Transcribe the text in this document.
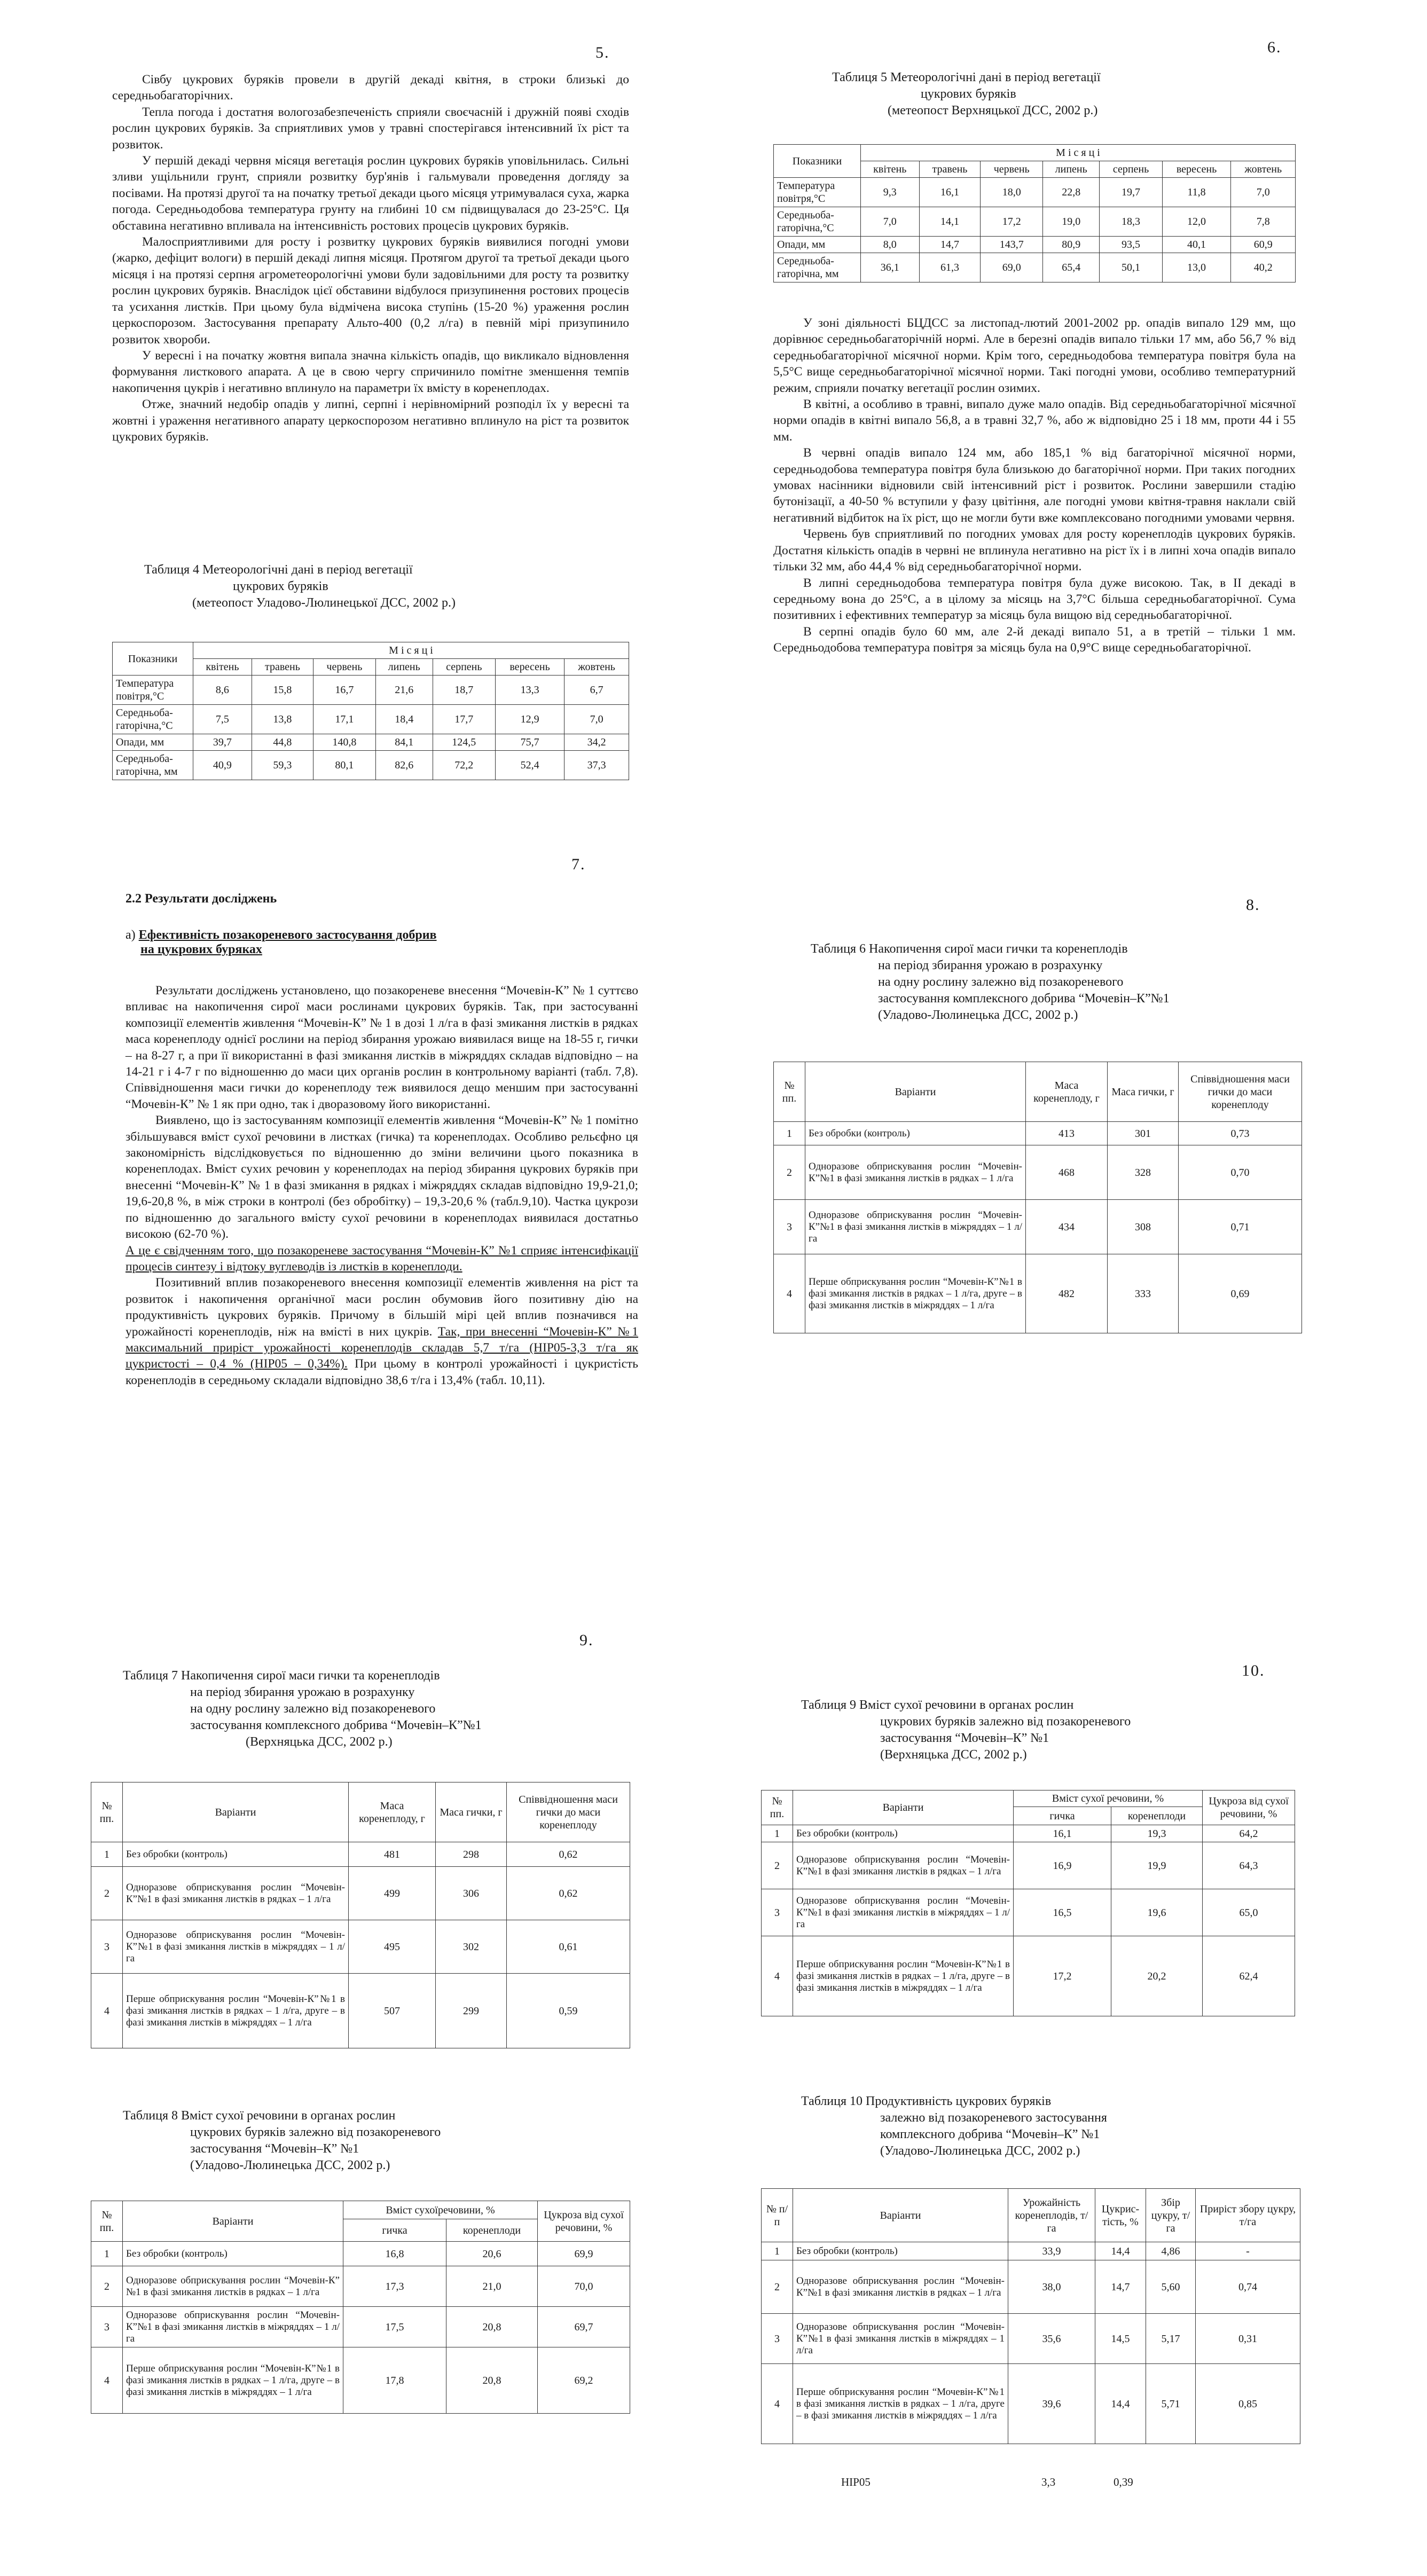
5.

Сівбу цукрових буряків провели в другій декаді квітня, в строки близькі до середньобагаторічних.

Тепла погода і достатня вологозабезпеченість сприяли своєчасній і дружній появі сходів рослин цукрових буряків. За сприятливих умов у травні спостерігався інтенсивний їх ріст та розвиток.

У першій декаді червня місяця вегетація рослин цукрових буряків уповільнилась. Сильні зливи ущільнили грунт, сприяли розвитку бур'янів і гальмували проведення догляду за посівами. На протязі другої та на початку третьої декади цього місяця утримувалася суха, жарка погода. Середньодобова температура грунту на глибині 10 см підвищувалася до 23-25°С. Ця обставина негативно впливала на інтенсивність ростових процесів цукрових буряків.

Малосприятливими для росту і розвитку цукрових буряків виявилися погодні умови (жарко, дефіцит вологи) в першій декаді липня місяця. Протягом другої та третьої декади цього місяця і на протязі серпня агрометеорологічні умови були задовільними для росту та розвитку рослин цукрових буряків. Внаслідок цієї обставини відбулося призупинення ростових процесів та усихання листків. При цьому була відмічена висока ступінь (15-20 %) ураження рослин церкоспорозом. Застосування препарату Альто-400 (0,2 л/га) в певній мірі призупинило розвиток хвороби.

У вересні і на початку жовтня випала значна кількість опадів, що викликало відновлення формування листкового апарата. А це в свою чергу спричинило помітне зменшення темпів накопичення цукрів і негативно вплинуло на параметри їх вмісту в коренеплодах.

Отже, значний недобір опадів у липні, серпні і нерівномірний розподіл їх у вересні та жовтні і ураження негативного апарату церкоспорозом негативно вплинуло на ріст та розвиток цукрових буряків.

Таблиця 4 Метеорологічні дані в період вегетації
цукрових буряків
(метеопост Уладово-Люлинецької ДСС, 2002 р.)

Показники	М і с я ц і						
	квітень	травень	червень	липень	серпень	вересень	жовтень
Температура повітря,°С	8,6	15,8	16,7	21,6	18,7	13,3	6,7
Середньоба-гаторічна,°С	7,5	13,8	17,1	18,4	17,7	12,9	7,0
Опади, мм	39,7	44,8	140,8	84,1	124,5	75,7	34,2
Середньоба-гаторічна, мм	40,9	59,3	80,1	82,6	72,2	52,4	37,3
6.

Таблиця 5 Метеорологічні дані в період вегетації
цукрових буряків
(метеопост Верхняцької ДСС, 2002 р.)

Показники	М і с я ц і						
	квітень	травень	червень	липень	серпень	вересень	жовтень
Температура повітря,°С	9,3	16,1	18,0	22,8	19,7	11,8	7,0
Середньоба-гаторічна,°С	7,0	14,1	17,2	19,0	18,3	12,0	7,8
Опади, мм	8,0	14,7	143,7	80,9	93,5	40,1	60,9
Середньоба-гаторічна, мм	36,1	61,3	69,0	65,4	50,1	13,0	40,2

У зоні діяльності БЦДСС за листопад-лютий 2001-2002 рр. опадів випало 129 мм, що дорівнює середньобагаторічній нормі. Але в березні опадів випало тільки 17 мм, або 56,7 % від середньобагаторічної місячної норми. Крім того, середньодобова температура повітря була на 5,5°С вище середньобагаторічної місячної норми. Такі погодні умови, особливо температурний режим, сприяли початку вегетації рослин озимих.

В квітні, а особливо в травні, випало дуже мало опадів. Від середньобагаторічної місячної норми опадів в квітні випало 56,8, а в травні 32,7 %, або ж відповідно 25 і 18 мм, проти 44 і 55 мм.

В червні опадів випало 124 мм, або 185,1 % від багаторічної місячної норми, середньодобова температура повітря була близькою до багаторічної норми. При таких погодних умовах насінники відновили свій інтенсивний ріст і розвиток. Рослини завершили стадію бутонізації, а 40-50 % вступили у фазу цвітіння, але погодні умови квітня-травня наклали свій негативний відбиток на їх ріст, що не могли бути вже комплексовано погодними умовами червня.

Червень був сприятливий по погодних умовах для росту коренеплодів цукрових буряків. Достатня кількість опадів в червні не вплинула негативно на ріст їх і в липні хоча опадів випало тільки 32 мм, або 44,4 % від середньобагаторічної норми.

В липні середньодобова температура повітря була дуже високою. Так, в ІІ декаді в середньому вона до 25°С, а в цілому за місяць на 3,7°С більша середньобагаторічної. Сума позитивних і ефективних температур за місяць була вищою від середньобагаторічної.

В серпні опадів було 60 мм, але 2-й декаді випало 51, а в третій – тільки 1 мм. Середньодобова температура повітря за місяць була на 0,9°С вище середньобагаторічної.

7.

2.2 Результати досліджень

а) Ефективність позакореневого застосування добрив

на цукрових буряках

Результати досліджень установлено, що позакореневе внесення “Мочевін-К” № 1 суттєво впливає на накопичення сирої маси рослинами цукрових буряків. Так, при застосуванні композиції елементів живлення “Мочевін-К” № 1 в дозі 1 л/га в фазі змикання листків в рядках маса коренеплоду однієї рослини на період збирання урожаю виявилася вище на 18-55 г, гички – на 8-27 г, а при її використанні в фазі змикання листків в міжряддях складав відповідно – на 14-21 г і 4-7 г по відношенню до маси цих органів рослин в контрольному варіанті (табл. 7,8). Співвідношення маси гички до коренеплоду теж виявилося дещо меншим при застосуванні “Мочевін-К” № 1 як при одно, так і дворазовому його використанні.

Виявлено, що із застосуванням композиції елементів живлення “Мочевін-К” № 1 помітно збільшувався вміст сухої речовини в листках (гичка) та коренеплодах. Особливо рельєфно ця закономірність відслідковується по відношенню до зміни величини цього показника в коренеплодах. Вміст сухих речовин у коренеплодах на період збирання цукрових буряків при внесенні “Мочевін-К” № 1 в фазі змикання в рядках і міжряддях складав відповідно 19,9-21,0; 19,6-20,8 %, в між строки в контролі (без обробітку) – 19,3-20,6 % (табл.9,10). Частка цукрози по відношенню до загального вмісту сухої речовини в коренеплодах виявилася достатньо високою (62-70 %).

А це є свідченням того, що позакореневе застосування “Мочевін-К” №1 сприяє інтенсифікації процесів синтезу і відтоку вуглеводів із листків в коренеплоди.

Позитивний вплив позакореневого внесення композиції елементів живлення на ріст та розвиток і накопичення органічної маси рослин обумовив його позитивну дію на продуктивність цукрових буряків. Причому в більшій мірі цей вплив позначився на урожайності коренеплодів, ніж на вмісті в них цукрів. Так, при внесенні “Мочевін-К” №1 максимальний приріст урожайності коренеплодів складав 5,7 т/га (НІР05-3,3 т/га як цукристості – 0,4 % (НІР05 – 0,34%). При цьому в контролі урожайності і цукристість коренеплодів в середньому складали відповідно 38,6 т/га і 13,4% (табл. 10,11).

8.

Таблиця 6 Накопичення сирої маси гички та коренеплодів
на період збирання урожаю в розрахунку
на одну рослину залежно від позакореневого
застосування комплексного добрива “Мочевін–К”№1
(Уладово-Люлинецька ДСС, 2002 р.)

№ пп.	Варіанти	Маса коренеплоду, г	Маса гички, г	Співвідношення маси гички до маси коренеплоду
1	Без обробки (контроль)	413	301	0,73
2	Одноразове обприскування рослин “Мочевін-К”№1 в фазі змикання листків в рядках – 1 л/га	468	328	0,70
3	Одноразове обприскування рослин “Мочевін-К”№1 в фазі змикання листків в міжряддях – 1 л/га	434	308	0,71
4	Перше обприскування рослин “Мочевін-К”№1 в фазі змикання листків в рядках – 1 л/га, друге – в фазі змикання листків в міжряддях – 1 л/га	482	333	0,69
9.

Таблиця 7 Накопичення сирої маси гички та коренеплодів
на період збирання урожаю в розрахунку
на одну рослину залежно від позакореневого
застосування комплексного добрива “Мочевін–К”№1
(Верхняцька ДСС, 2002 р.)

№ пп.	Варіанти	Маса коренеплоду, г	Маса гички, г	Співвідношення маси гички до маси коренеплоду
1	Без обробки (контроль)	481	298	0,62
2	Одноразове обприскування рослин “Мочевін-К”№1 в фазі змикання листків в рядках – 1 л/га	499	306	0,62
3	Одноразове обприскування рослин “Мочевін-К”№1 в фазі змикання листків в міжряддях – 1 л/га	495	302	0,61
4	Перше обприскування рослин “Мочевін-К”№1 в фазі змикання листків в рядках – 1 л/га, друге – в фазі змикання листків в міжряддях – 1 л/га	507	299	0,59

Таблиця 8 Вміст сухої речовини в органах рослин
цукрових буряків залежно від позакореневого
застосування “Мочевін–К” №1
(Уладово-Люлинецька ДСС, 2002 р.)

№ пп.	Варіанти	Вміст сухоїречовини, %		Цукроза від сухої речовини, %
		гичка	коренеплоди	
1	Без обробки (контроль)	16,8	20,6	69,9
2	Одноразове обприскування рослин “Мочевін-К” №1 в фазі змикання листків в рядках – 1 л/га	17,3	21,0	70,0
3	Одноразове обприскування рослин “Мочевін-К”№1 в фазі змикання листків в міжряддях – 1 л/га	17,5	20,8	69,7
4	Перше обприскування рослин “Мочевін-К”№1 в фазі змикання листків в рядках – 1 л/га, друге – в фазі змикання листків в міжряддях – 1 л/га	17,8	20,8	69,2
10.

Таблиця 9 Вміст сухої речовини в органах рослин
цукрових буряків залежно від позакореневого
застосування “Мочевін–К” №1
(Верхняцька ДСС, 2002 р.)

№ пп.	Варіанти	Вміст сухої речовини, %		Цукроза від сухої речовини, %
		гичка	коренеплоди	
1	Без обробки (контроль)	16,1	19,3	64,2
2	Одноразове обприскування рослин “Мочевін-К”№1 в фазі змикання листків в рядках – 1 л/га	16,9	19,9	64,3
3	Одноразове обприскування рослин “Мочевін-К”№1 в фазі змикання листків в міжряддях – 1 л/га	16,5	19,6	65,0
4	Перше обприскування рослин “Мочевін-К”№1 в фазі змикання листків в рядках – 1 л/га, друге – в фазі змикання листків в міжряддях – 1 л/га	17,2	20,2	62,4

Таблиця 10 Продуктивність цукрових буряків
залежно від позакореневого застосування
комплексного добрива “Мочевін–К” №1
(Уладово-Люлинецька ДСС, 2002 р.)

№ п/п	Варіанти	Урожайність коренеплодів, т/га	Цукрис-тість, %	Збір цукру, т/га	Приріст збору цукру, т/га
1	Без обробки (контроль)	33,9	14,4	4,86	-
2	Одноразове обприскування рослин “Мочевін-К”№1 в фазі змикання листків в рядках – 1 л/га	38,0	14,7	5,60	0,74
3	Одноразове обприскування рослин “Мочевін-К”№1 в фазі змикання листків в міжряддях – 1 л/га	35,6	14,5	5,17	0,31
4	Перше обприскування рослин “Мочевін-К”№1 в фазі змикання листків в рядках – 1 л/га, друге – в фазі змикання листків в міжряддях – 1 л/га	39,6	14,4	5,71	0,85
НІР05	3,3	0,39
